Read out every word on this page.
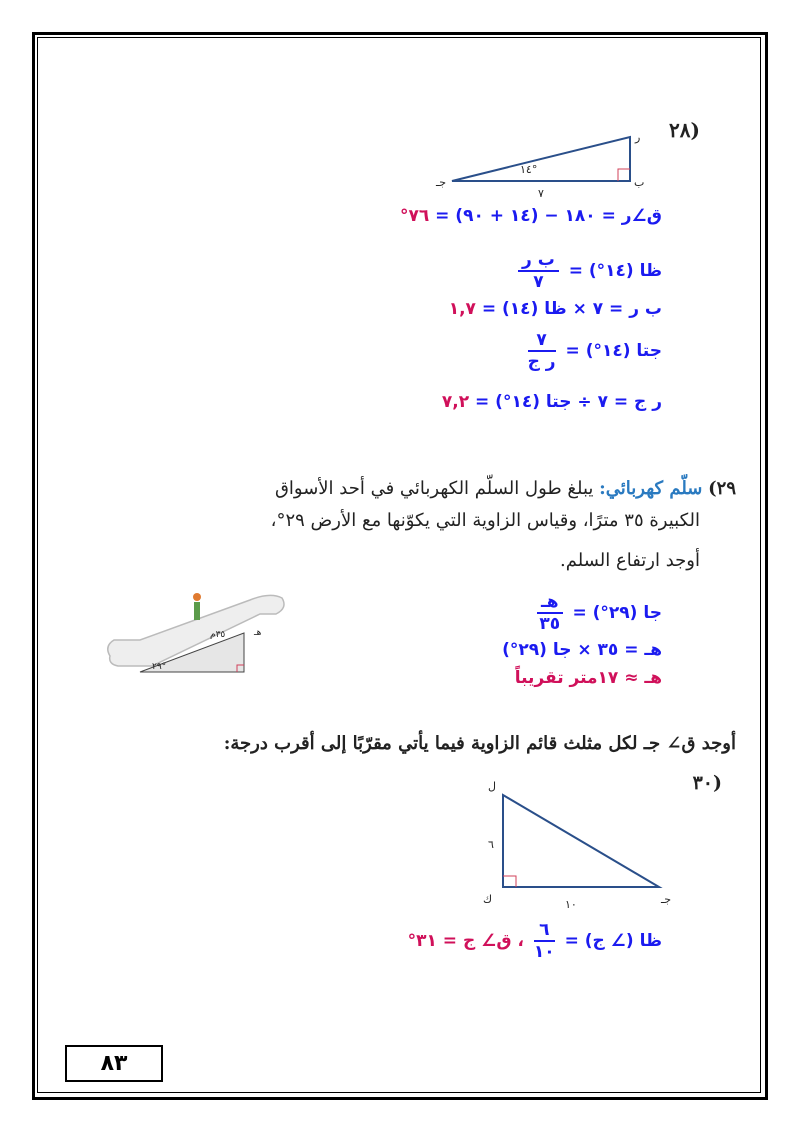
(٢٨
ر
ب
جـ
١٤°
٧
ق∠ر = ١٨٠ − (١٤ + ٩٠) = ٧٦°
ظا (١٤°) =
$\frac{\text{ب ر}}{٧}$
ب ر = ٧ × ظا (١٤) = ١,٧
جتا (١٤°) =
$\frac{٧}{\text{ر ج}}$
ر ج = ٧ ÷ جتا (١٤°) = ٧,٢
٢٩) سلّم كهربائي: يبلغ طول السلّم الكهربائي في أحد الأسواق
الكبيرة ٣٥ مترًا، وقياس الزاوية التي يكوّنها مع الأرض ٢٩°،
أوجد ارتفاع السلم.
٣٥م	هـ
٢٩°
جا (٢٩°) =
$\frac{\text{هـ}}{٣٥}$
هـ = ٣٥ × جا (٢٩°)
هـ ≈ ١٧متر تقريباً
أوجد ق∠ جـ لكل مثلث قائم الزاوية فيما يأتي مقرّبًا إلى أقرب درجة:
(٣٠
ل
ك	جـ
٦
١٠
ظا (∠ ج) =
$\frac{٦}{١٠}$
، ق∠ ج = ٣١°
٨٣
